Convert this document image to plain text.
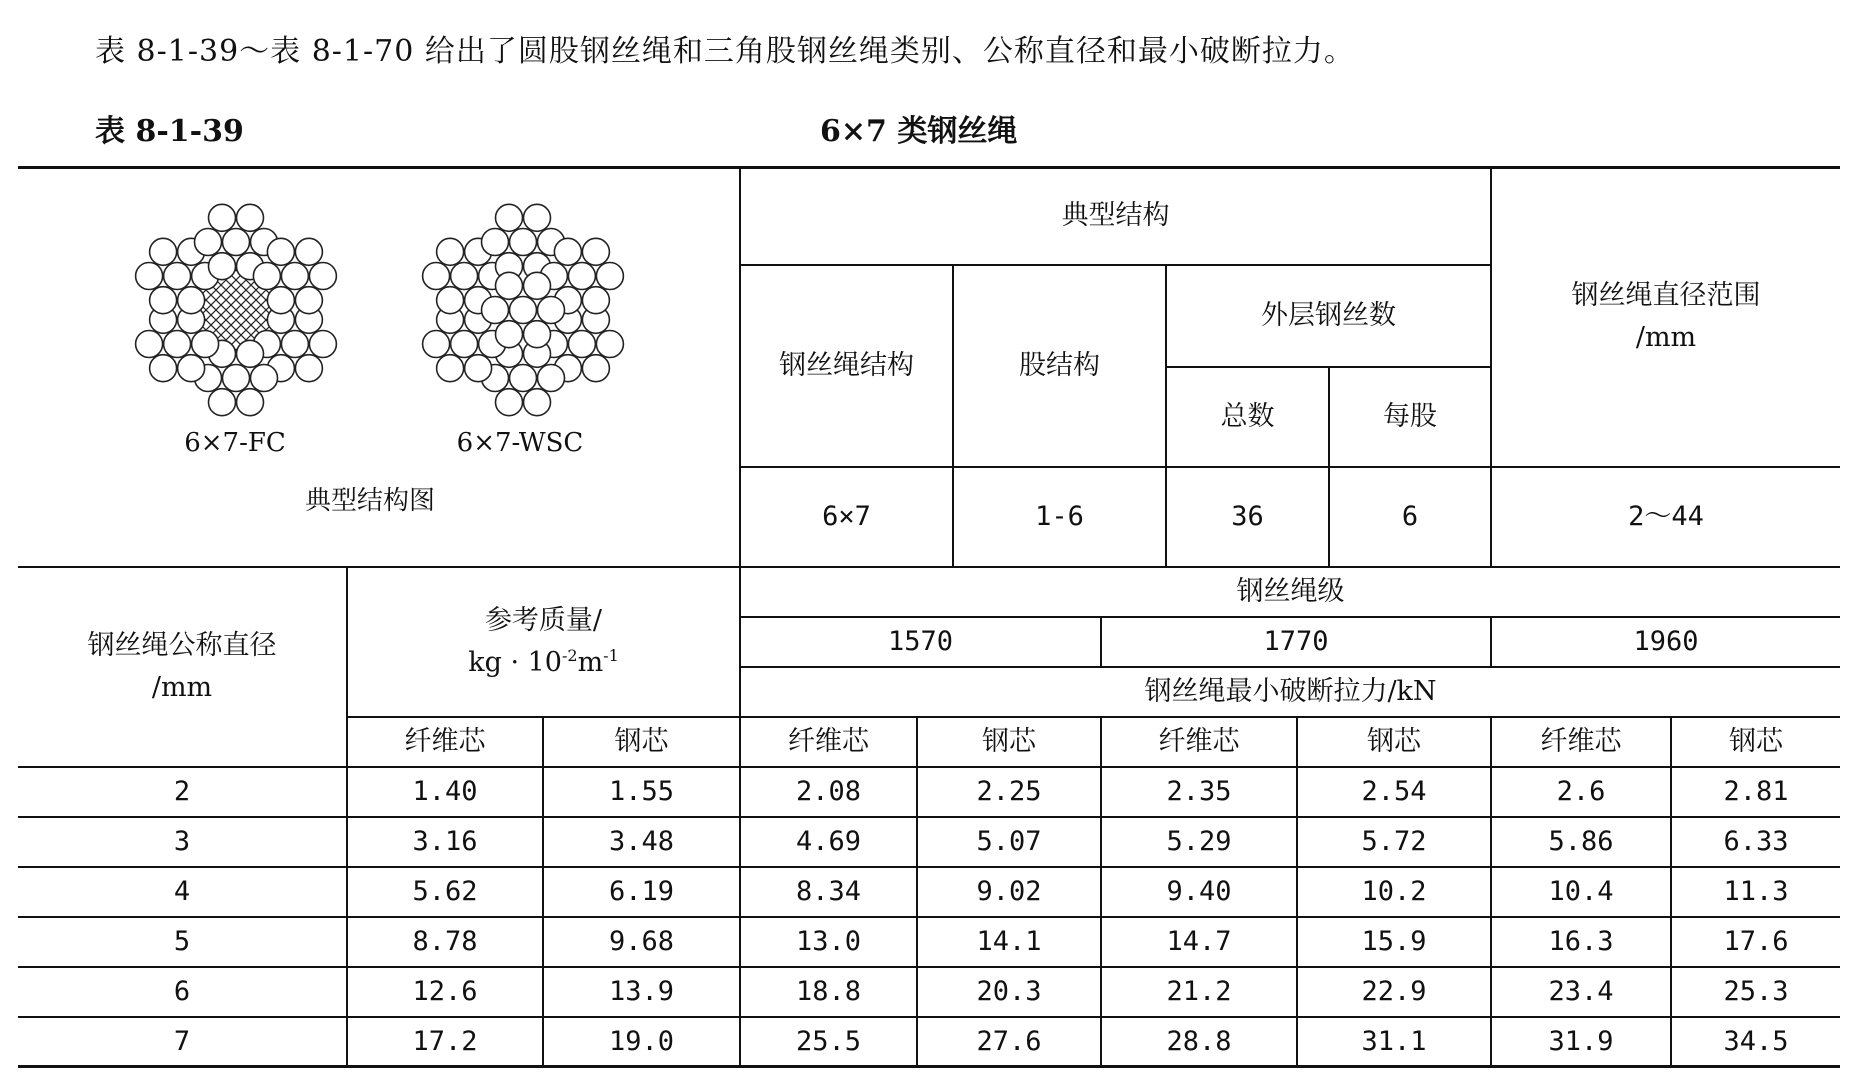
表 8-1-39～表 8-1-70 给出了圆股钢丝绳和三角股钢丝绳类别、公称直径和最小破断拉力。
表 8-1-39	6×7 类钢丝绳
6×7-FC	6×7-WSC
典型结构图
典型结构
钢丝绳结构	股结构
外层钢丝数
总数	每股
钢丝绳直径范围
/mm
6×7	1-6	36	6	2～44
钢丝绳公称直径
/mm
参考质量/
kg · $10^{-2}m^{-1}$
钢丝绳级
1570	1770	1960
钢丝绳最小破断拉力/kN
纤维芯	钢芯	纤维芯	钢芯	纤维芯	钢芯	纤维芯	钢芯
2	1.40	1.55	2.08	2.25	2.35	2.54	2.6	2.81
3	3.16	3.48	4.69	5.07	5.29	5.72	5.86	6.33
4	5.62	6.19	8.34	9.02	9.40	10.2	10.4	11.3
5	8.78	9.68	13.0	14.1	14.7	15.9	16.3	17.6
6	12.6	13.9	18.8	20.3	21.2	22.9	23.4	25.3
7	17.2	19.0	25.5	27.6	28.8	31.1	31.9	34.5
